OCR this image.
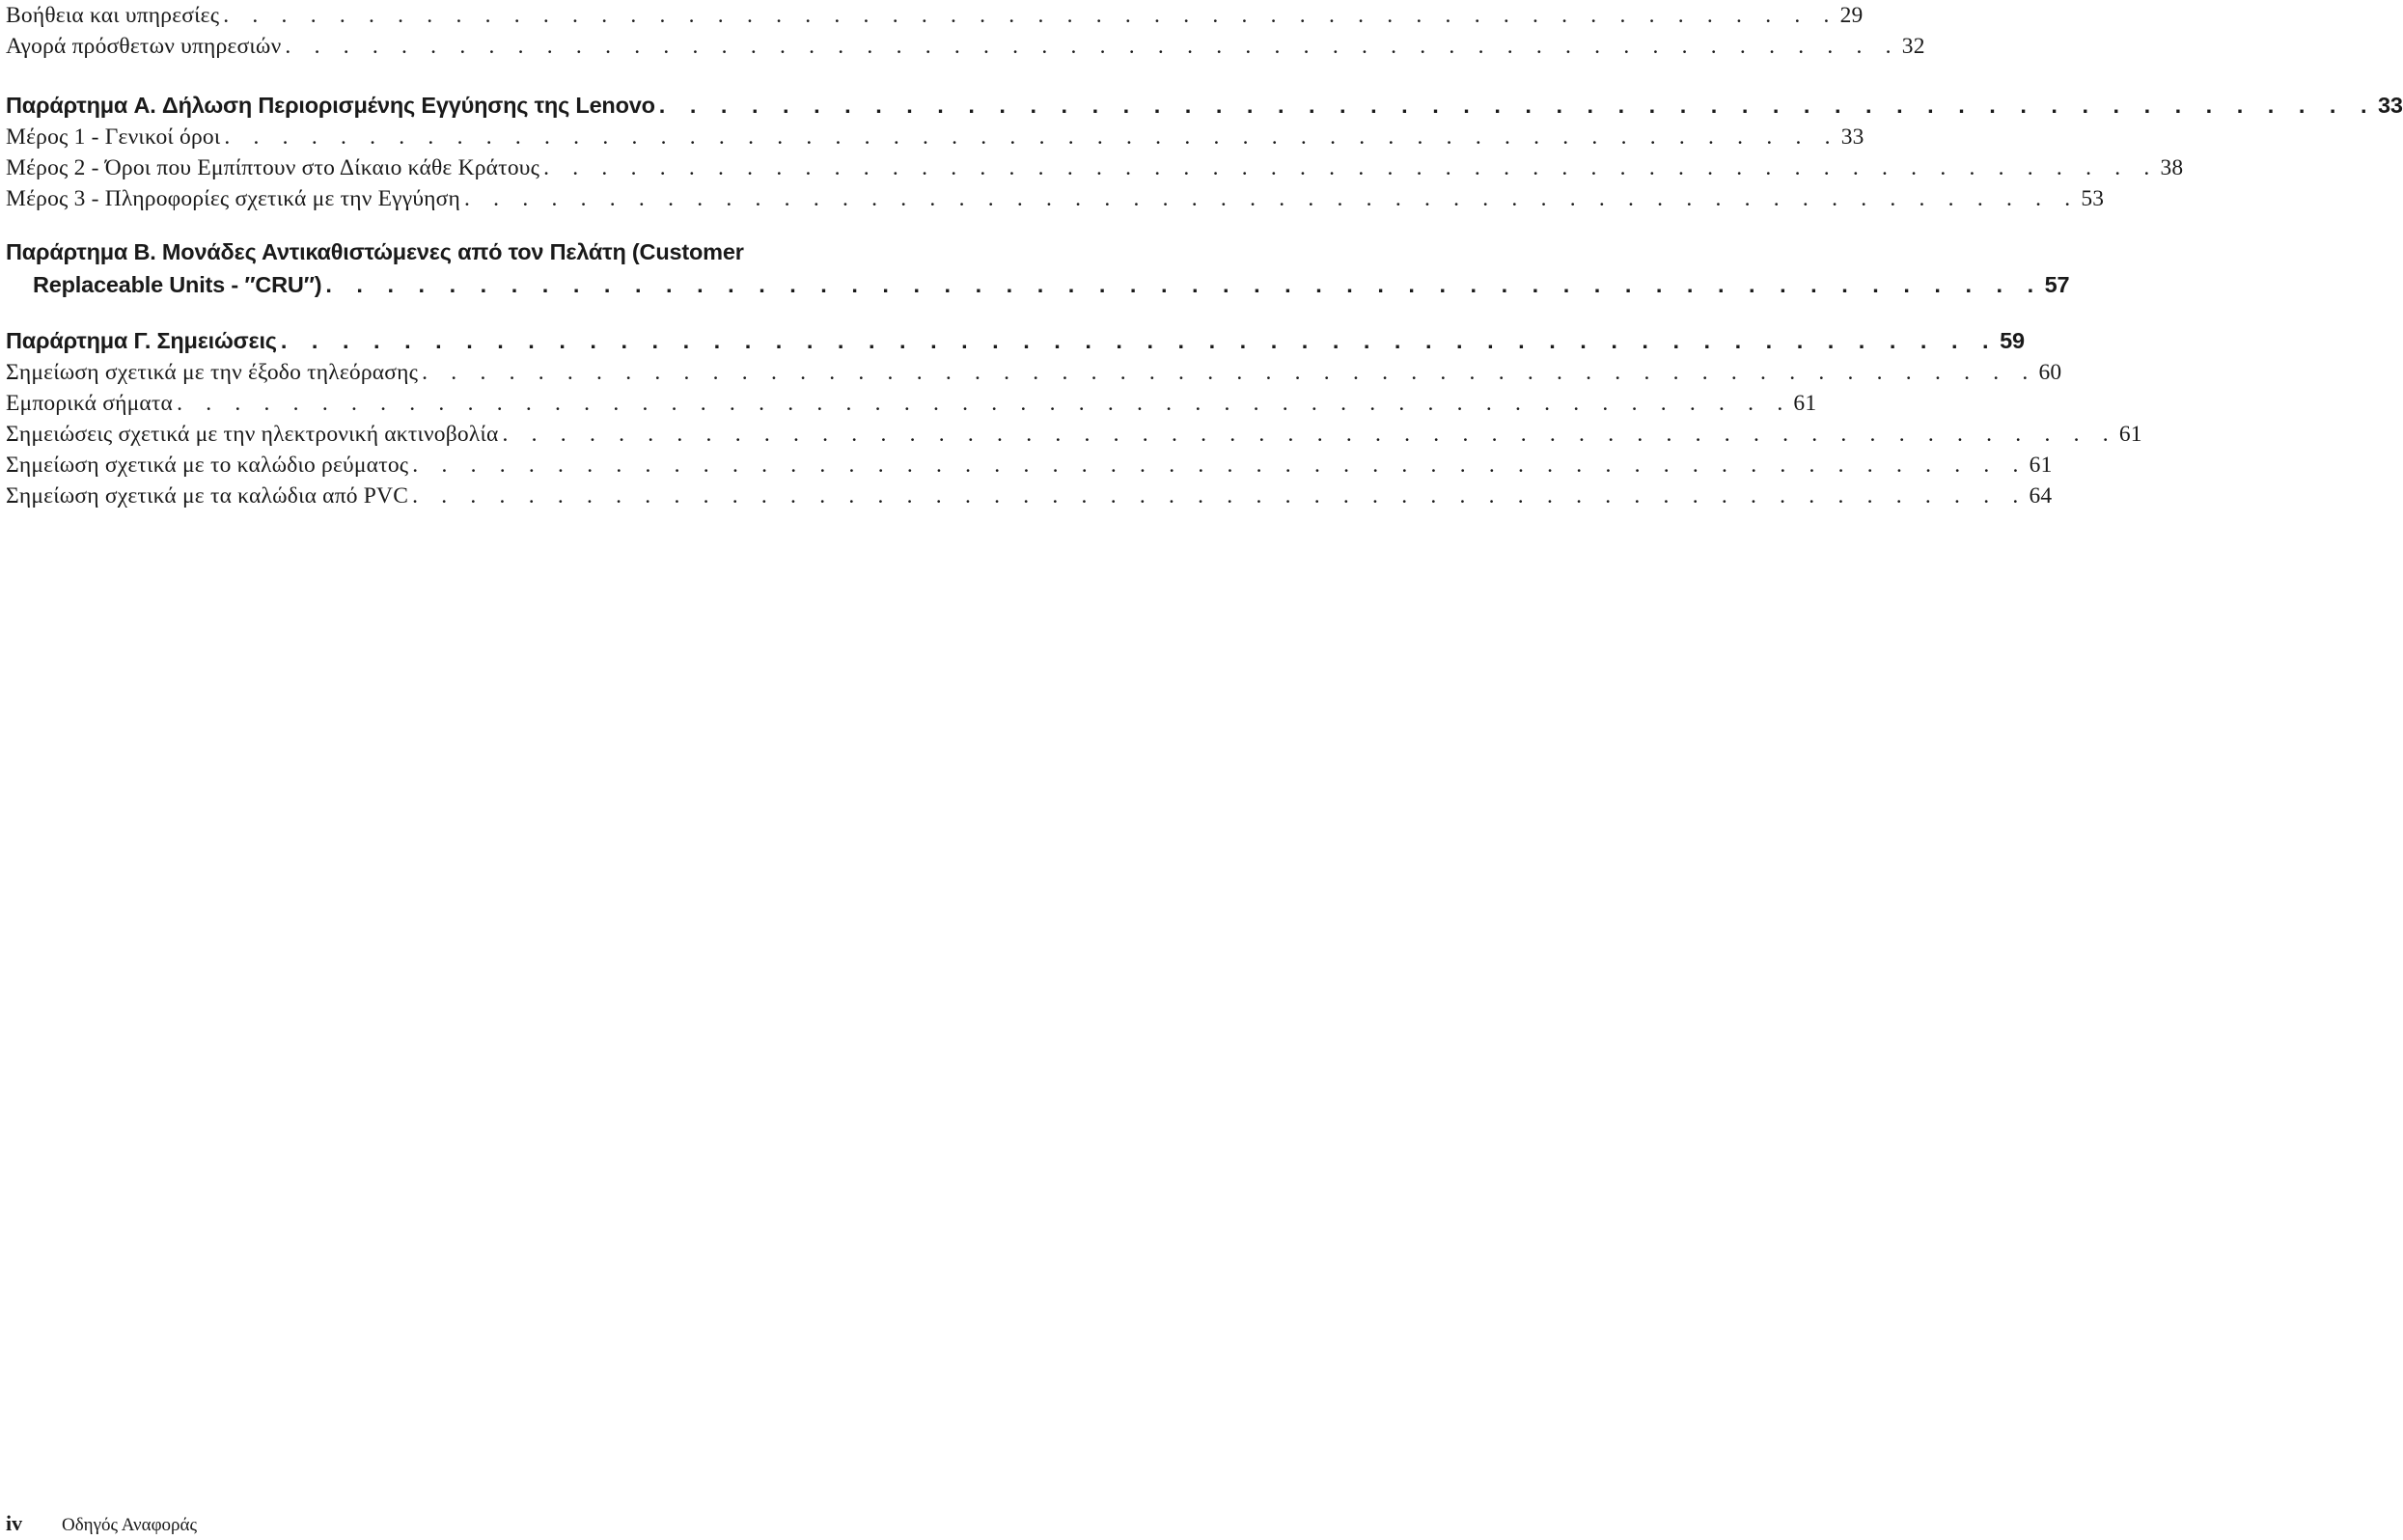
Βοήθεια και υπηρεσίες . . . . . . . . . . . . . . . . . . . . . . . . . . . . . . . . . . . . . . . . . . . . . . . . . . . . . . . . 29
Αγορά πρόσθετων υπηρεσιών . . . . . . . . . . . . . . . . . . . . . . . . . . . . . . . . . . . . . . . . . . . . . . . . . . . . . . . . 32
Παράρτημα A. Δήλωση Περιορισμένης Εγγύησης της Lenovo . . . . . . . . . . . . . . . . . . . . . . . . . . . . . . . . . . . . . . . . . . . . . . . . . . . . . . . . 33
Μέρος 1 - Γενικοί όροι . . . . . . . . . . . . . . . . . . . . . . . . . . . . . . . . . . . . . . . . . . . . . . . . . . . . . . . . 33
Μέρος 2 - Όροι που Εμπίπτουν στο Δίκαιο κάθε Κράτους . . . . . . . . . . . . . . . . . . . . . . . . . . . . . . . . . . . . . . . . . . . . . . . . . . . . . . . . 38
Μέρος 3 - Πληροφορίες σχετικά με την Εγγύηση . . . . . . . . . . . . . . . . . . . . . . . . . . . . . . . . . . . . . . . . . . . . . . . . . . . . . . . . 53
Παράρτημα B. Μονάδες Αντικαθιστώμενες από τον Πελάτη (Customer
Replaceable Units - ″CRU″) . . . . . . . . . . . . . . . . . . . . . . . . . . . . . . . . . . . . . . . . . . . . . . . . . . . . . . . . 57
Παράρτημα Γ. Σημειώσεις . . . . . . . . . . . . . . . . . . . . . . . . . . . . . . . . . . . . . . . . . . . . . . . . . . . . . . . . 59
Σημείωση σχετικά με την έξοδο τηλεόρασης . . . . . . . . . . . . . . . . . . . . . . . . . . . . . . . . . . . . . . . . . . . . . . . . . . . . . . . . 60
Εμπορικά σήματα . . . . . . . . . . . . . . . . . . . . . . . . . . . . . . . . . . . . . . . . . . . . . . . . . . . . . . . . 61
Σημειώσεις σχετικά με την ηλεκτρονική ακτινοβολία . . . . . . . . . . . . . . . . . . . . . . . . . . . . . . . . . . . . . . . . . . . . . . . . . . . . . . . . 61
Σημείωση σχετικά με το καλώδιο ρεύματος . . . . . . . . . . . . . . . . . . . . . . . . . . . . . . . . . . . . . . . . . . . . . . . . . . . . . . . . 61
Σημείωση σχετικά με τα καλώδια από PVC . . . . . . . . . . . . . . . . . . . . . . . . . . . . . . . . . . . . . . . . . . . . . . . . . . . . . . . . 64
iv Οδηγός Αναφοράς
